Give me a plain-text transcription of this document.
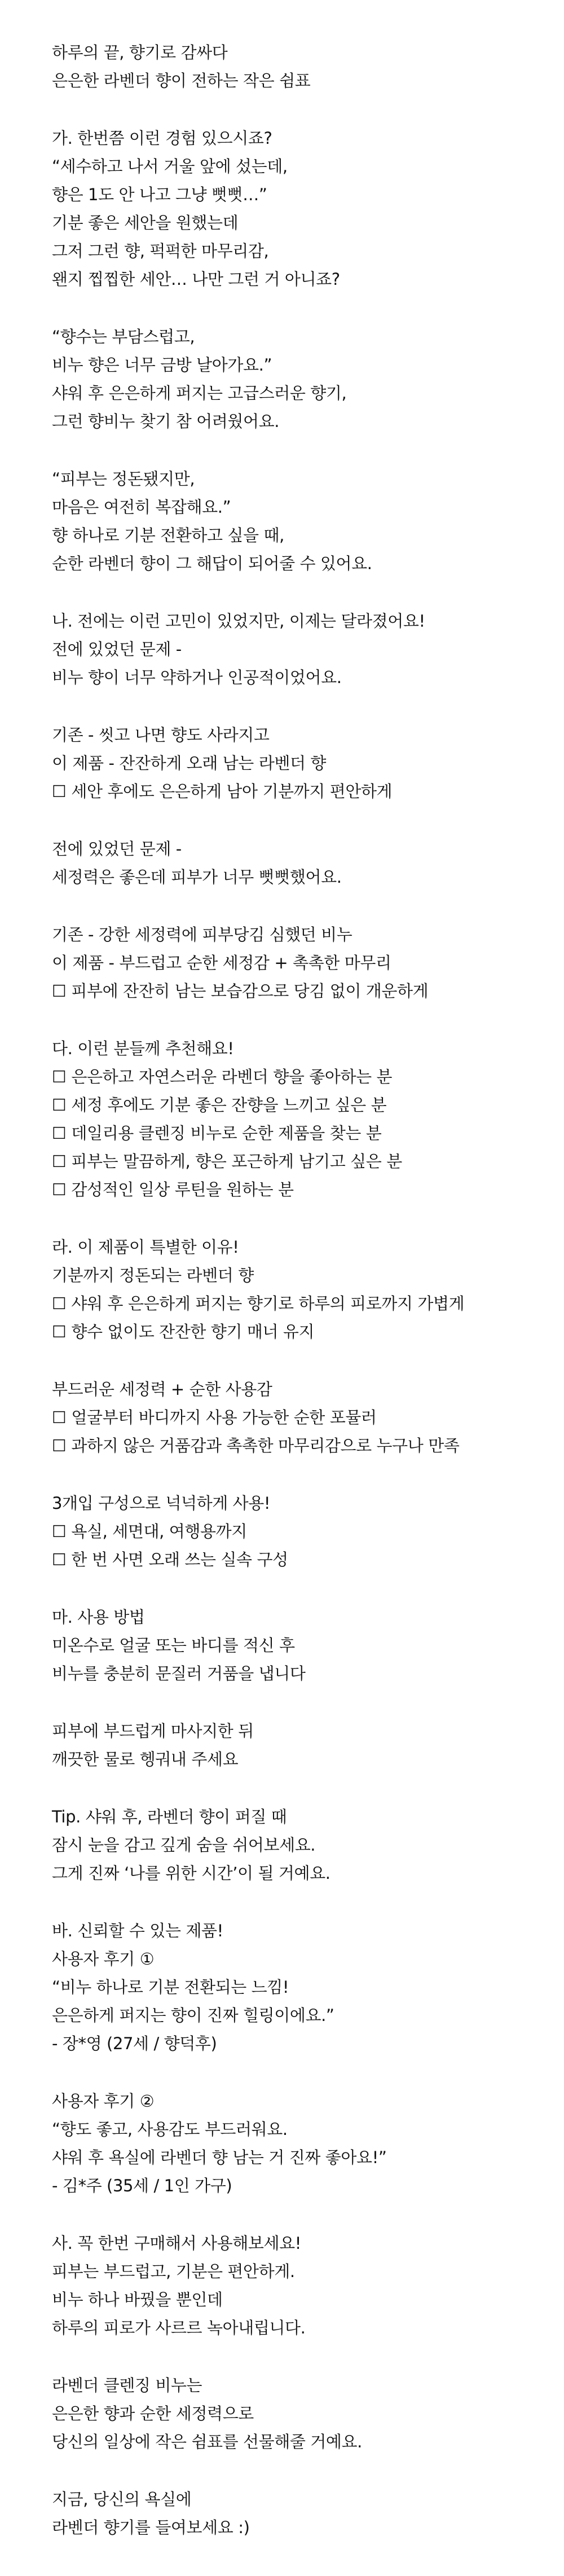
하루의 끝, 향기로 감싸다
은은한 라벤더 향이 전하는 작은 쉼표
가. 한번쯤 이런 경험 있으시죠?
“세수하고 나서 거울 앞에 섰는데,
향은 1도 안 나고 그냥 뻣뻣…”
기분 좋은 세안을 원했는데
그저 그런 향, 퍽퍽한 마무리감,
왠지 찝찝한 세안… 나만 그런 거 아니죠?
“향수는 부담스럽고,
비누 향은 너무 금방 날아가요.”
샤워 후 은은하게 퍼지는 고급스러운 향기,
그런 향비누 찾기 참 어려웠어요.
“피부는 정돈됐지만,
마음은 여전히 복잡해요.”
향 하나로 기분 전환하고 싶을 때,
순한 라벤더 향이 그 해답이 되어줄 수 있어요.
나. 전에는 이런 고민이 있었지만, 이제는 달라졌어요!
전에 있었던 문제 -
비누 향이 너무 약하거나 인공적이었어요.
기존 - 씻고 나면 향도 사라지고
이 제품 - 잔잔하게 오래 남는 라벤더 향
☐ 세안 후에도 은은하게 남아 기분까지 편안하게
전에 있었던 문제 -
세정력은 좋은데 피부가 너무 뻣뻣했어요.
기존 - 강한 세정력에 피부당김 심했던 비누
이 제품 - 부드럽고 순한 세정감 + 촉촉한 마무리
☐ 피부에 잔잔히 남는 보습감으로 당김 없이 개운하게
다. 이런 분들께 추천해요!
☐ 은은하고 자연스러운 라벤더 향을 좋아하는 분
☐ 세정 후에도 기분 좋은 잔향을 느끼고 싶은 분
☐ 데일리용 클렌징 비누로 순한 제품을 찾는 분
☐ 피부는 말끔하게, 향은 포근하게 남기고 싶은 분
☐ 감성적인 일상 루틴을 원하는 분
라. 이 제품이 특별한 이유!
기분까지 정돈되는 라벤더 향
☐ 샤워 후 은은하게 퍼지는 향기로 하루의 피로까지 가볍게
☐ 향수 없이도 잔잔한 향기 매너 유지
부드러운 세정력 + 순한 사용감
☐ 얼굴부터 바디까지 사용 가능한 순한 포뮬러
☐ 과하지 않은 거품감과 촉촉한 마무리감으로 누구나 만족
3개입 구성으로 넉넉하게 사용!
☐ 욕실, 세면대, 여행용까지
☐ 한 번 사면 오래 쓰는 실속 구성
마. 사용 방법
미온수로 얼굴 또는 바디를 적신 후
비누를 충분히 문질러 거품을 냅니다
피부에 부드럽게 마사지한 뒤
깨끗한 물로 헹궈내 주세요
Tip. 샤워 후, 라벤더 향이 퍼질 때
잠시 눈을 감고 깊게 숨을 쉬어보세요.
그게 진짜 ‘나를 위한 시간’이 될 거예요.
바. 신뢰할 수 있는 제품!
사용자 후기 ①
“비누 하나로 기분 전환되는 느낌!
은은하게 퍼지는 향이 진짜 힐링이에요.”
- 장*영 (27세 / 향덕후)
사용자 후기 ②
“향도 좋고, 사용감도 부드러워요.
샤워 후 욕실에 라벤더 향 남는 거 진짜 좋아요!”
- 김*주 (35세 / 1인 가구)
사. 꼭 한번 구매해서 사용해보세요!
피부는 부드럽고, 기분은 편안하게.
비누 하나 바꿨을 뿐인데
하루의 피로가 사르르 녹아내립니다.
라벤더 클렌징 비누는
은은한 향과 순한 세정력으로
당신의 일상에 작은 쉼표를 선물해줄 거예요.
지금, 당신의 욕실에
라벤더 향기를 들여보세요 :)
